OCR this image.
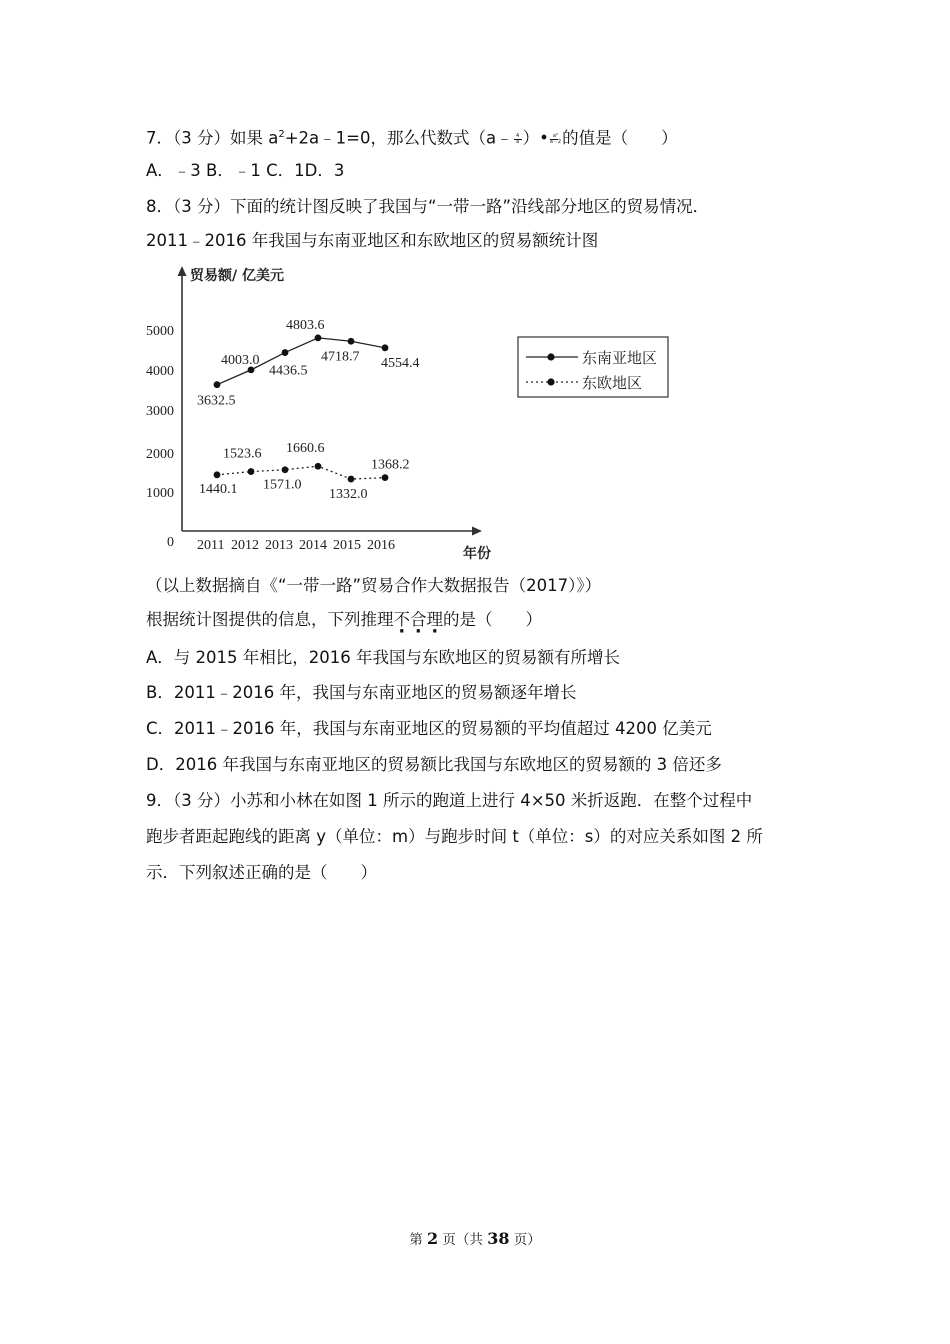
7．（3 分）如果 $a^2+2a﹣1=0$，那么代数式（a﹣ $\frac{4}{a}$ ）• $\frac{\text{a²}}{a﹣2}$ 的值是（　　）
A．﹣3 B．﹣1 C．1D．3
8．（3 分）下面的统计图反映了我国与“一带一路”沿线部分地区的贸易情况．
2011﹣2016 年我国与东南亚地区和东欧地区的贸易额统计图
贸易额/ 亿美元
年份
0
1000
2000
3000
4000
5000
2011 2012 2013 2014 2015 2016
3632.5
4003.0
4436.5
4803.6
4718.7 4554.4
1440.1
1523.6
1571.0
1660.6
1332.0
1368.2
东南亚地区
东欧地区
（以上数据摘自《“一带一路”贸易合作大数据报告（2017）》）
根据统计图提供的信息，下列推理不合理的是（　　）
A．与 2015 年相比，2016 年我国与东欧地区的贸易额有所增长
B．2011﹣2016 年，我国与东南亚地区的贸易额逐年增长
C．2011﹣2016 年，我国与东南亚地区的贸易额的平均值超过 4200 亿美元
D．2016 年我国与东南亚地区的贸易额比我国与东欧地区的贸易额的 3 倍还多
9．（3 分）小苏和小林在如图 1 所示的跑道上进行 4×50 米折返跑．在整个过程中
跑步者距起跑线的距离 y（单位：m）与跑步时间 t（单位：s）的对应关系如图 2 所
示．下列叙述正确的是（　　）
第 2 页（共 38 页）
